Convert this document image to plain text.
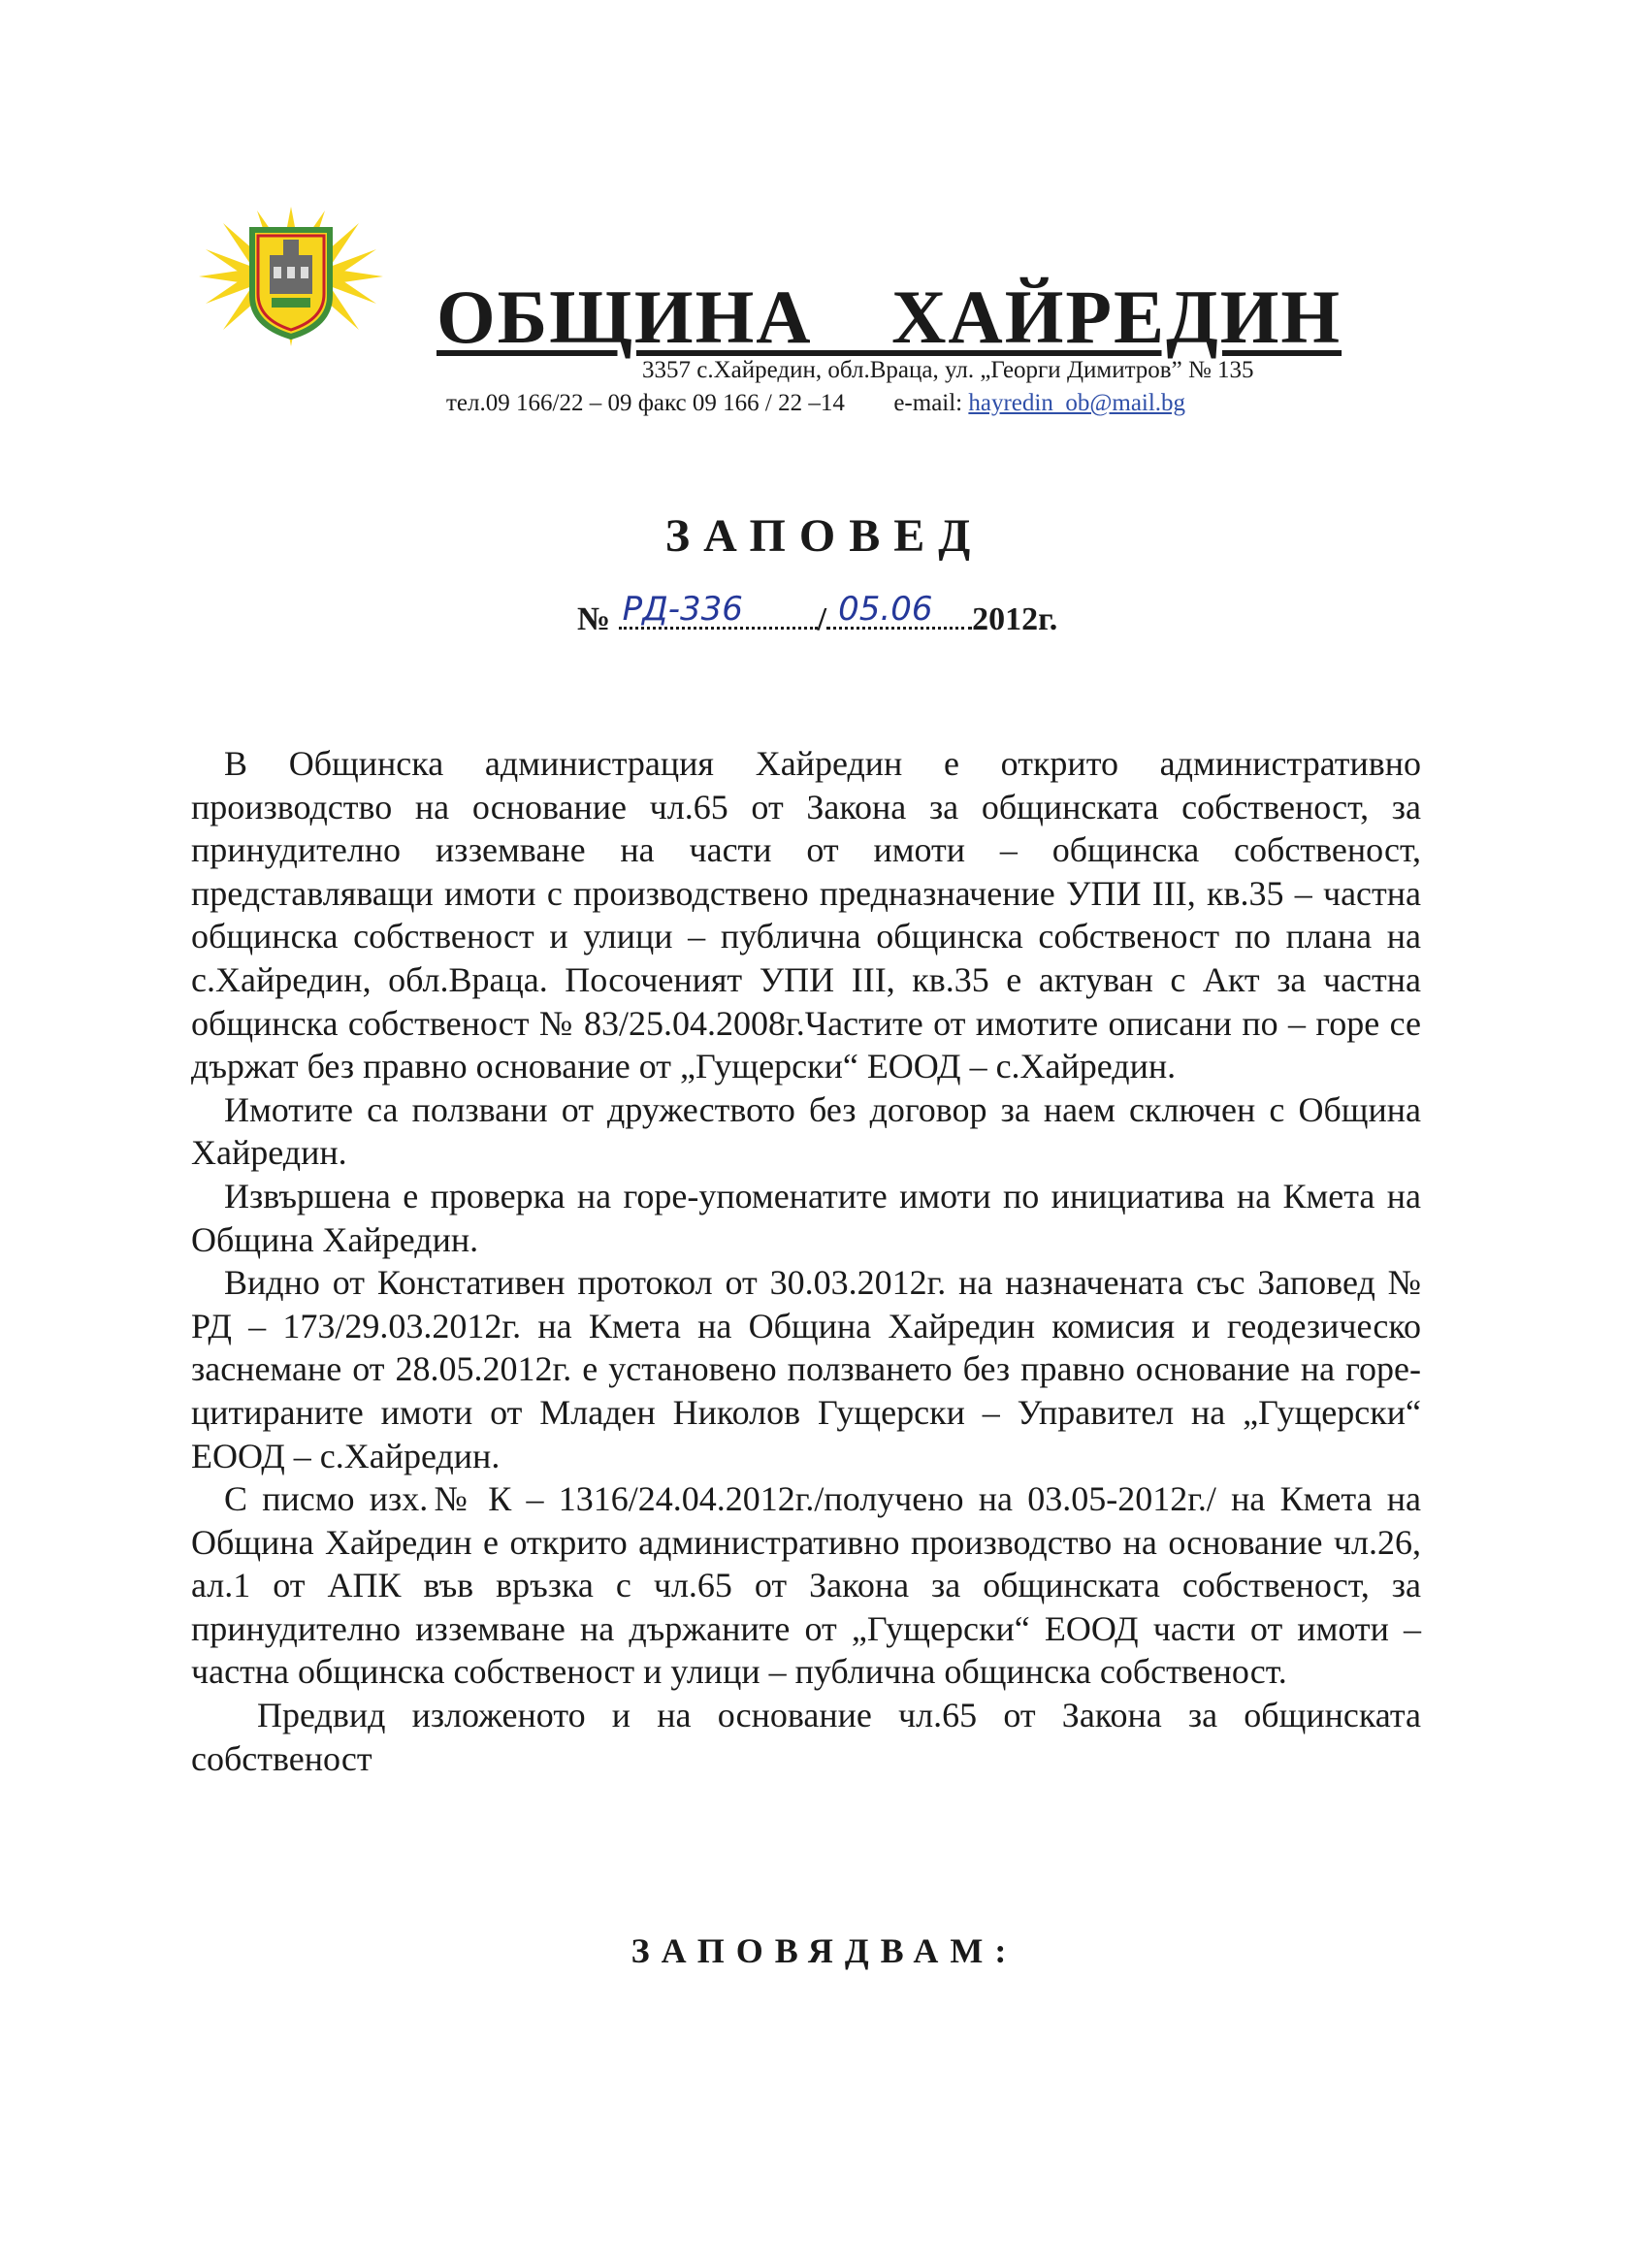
ОБЩИНА ХАЙРЕДИН
3357 с.Хайредин, обл.Враца, ул. „Георги Димитров” № 135
тел.09 166/22 – 09 факс 09 166 / 22 –14 e-mail: hayredin_ob@mail.bg
ЗАПОВЕД
№ РД-336 / 05.06 2012г.

В Общинска администрация Хайредин е открито административно производство на основание чл.65 от Закона за общинската собственост, за принудително изземване на части от имоти – общинска собственост, представляващи имоти с производствено предназначение УПИ III, кв.35 – частна общинска собственост и улици – публична общинска собственост по плана на с.Хайредин, обл.Враца. Посоченият УПИ III, кв.35 е актуван с Акт за частна общинска собственост № 83/25.04.2008г.Частите от имотите описани по – горе се държат без правно основание от „Гущерски“ ЕООД – с.Хайредин.

Имотите са ползвани от дружеството без договор за наем сключен с Община Хайредин.

Извършена е проверка на горе-упоменатите имоти по инициатива на Кмета на Община Хайредин.

Видно от Констативен протокол от 30.03.2012г. на назначената със Заповед № РД – 173/29.03.2012г. на Кмета на Община Хайредин комисия и геодезическо заснемане от 28.05.2012г. е установено ползването без правно основание на горе-цитираните имоти от Младен Николов Гущерски – Управител на „Гущерски“ ЕООД – с.Хайредин.

С писмо изх.№ К – 1316/24.04.2012г./получено на 03.05-2012г./ на Кмета на Община Хайредин е открито административно производство на основание чл.26, ал.1 от АПК във връзка с чл.65 от Закона за общинската собственост, за принудително изземване на държаните от „Гущерски“ ЕООД части от имоти – частна общинска собственост и улици – публична общинска собственост.

Предвид изложеното и на основание чл.65 от Закона за общинската собственост

ЗАПОВЯДВАМ:
